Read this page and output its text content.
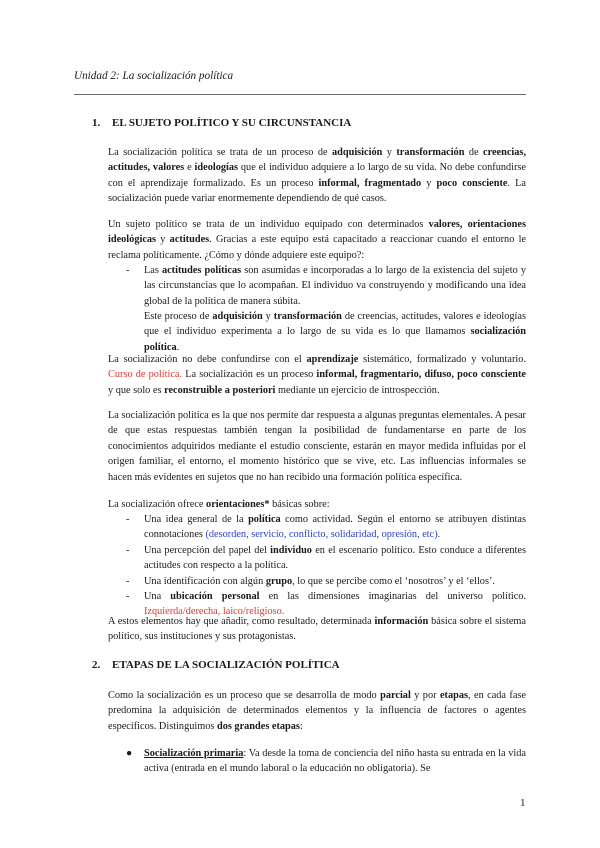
Unidad 2: La socialización política
1. EL SUJETO POLÍTICO Y SU CIRCUNSTANCIA

La socialización política se trata de un proceso de adquisición y transformación de creencias, actitudes, valores e ideologías que el individuo adquiere a lo largo de su vida. No debe confundirse con el aprendizaje formalizado. Es un proceso informal, fragmentado y poco consciente. La socialización puede variar enormemente dependiendo de qué casos.

Un sujeto político se trata de un individuo equipado con determinados valores, orientaciones ideológicas y actitudes. Gracias a este equipo está capacitado a reaccionar cuando el entorno le reclama políticamente. ¿Cómo y dónde adquiere este equipo?:

- Las actitudes políticas son asumidas e incorporadas a lo largo de la existencia del sujeto y las circunstancias que lo acompañan. El individuo va construyendo y modificando una idea global de la política de manera súbita.

Este proceso de adquisición y transformación de creencias, actitudes, valores e ideologías que el individuo experimenta a lo largo de su vida es lo que llamamos socialización política.

La socialización no debe confundirse con el aprendizaje sistemático, formalizado y voluntario. Curso de política. La socialización es un proceso informal, fragmentario, difuso, poco consciente y que solo es reconstruible a posteriori mediante un ejercicio de introspección.

La socialización política es la que nos permite dar respuesta a algunas preguntas elementales. A pesar de que estas respuestas también tengan la posibilidad de fundamentarse en parte de los conocimientos adquiridos mediante el estudio consciente, estarán en mayor medida influidas por el origen familiar, el entorno, el momento histórico que se vive, etc. Las influencias informales se hacen más evidentes en sujetos que no han recibido una formación política específica.

La socialización ofrece orientaciones* básicas sobre:

- Una idea general de la política como actividad. Según el entorno se atribuyen distintas connotaciones (desorden, servicio, conflicto, solidaridad, opresión, etc).
- Una percepción del papel del individuo en el escenario político. Esto conduce a diferentes actitudes con respecto a la política.
- Una identificación con algún grupo, lo que se percibe como el ‘nosotros’ y el ‘ellos’.
- Una ubicación personal en las dimensiones imaginarias del universo político. Izquierda/derecha, laico/religioso.

A estos elementos hay que añadir, como resultado, determinada información básica sobre el sistema político, sus instituciones y sus protagonistas.

2. ETAPAS DE LA SOCIALIZACIÓN POLÍTICA

Como la socialización es un proceso que se desarrolla de modo parcial y por etapas, en cada fase predomina la adquisición de determinados elementos y la influencia de factores o agentes específicos. Distinguimos dos grandes etapas:

● Socialización primaria: Va desde la toma de conciencia del niño hasta su entrada en la vida activa (entrada en el mundo laboral o la educación no obligatoria). Se
1
